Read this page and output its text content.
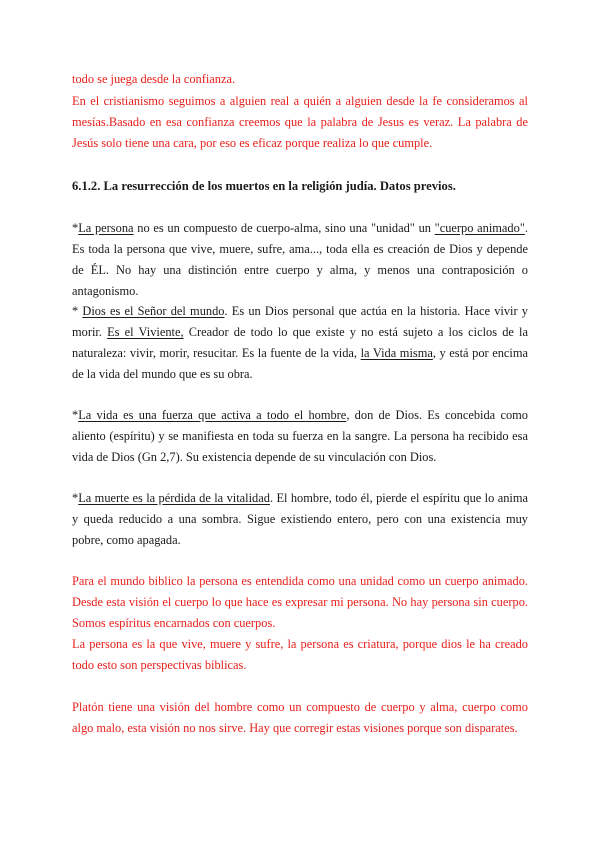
todo se juega desde la confianza.

En el cristianismo seguimos a alguien real a quién a alguien desde la fe consideramos al mesías.Basado en esa confianza creemos que la palabra de Jesus es veraz. La palabra de Jesús solo tiene una cara, por eso es eficaz porque realiza lo que cumple.

6.1.2. La resurrección de los muertos en la religión judía. Datos previos.

*La persona no es un compuesto de cuerpo-alma, sino una "unidad" un "cuerpo animado". Es toda la persona que vive, muere, sufre, ama..., toda ella es creación de Dios y depende de ÉL. No hay una distinción entre cuerpo y alma, y menos una contraposición o antagonismo.

* Dios es el Señor del mundo. Es un Dios personal que actúa en la historia. Hace vivir y morir. Es el Viviente, Creador de todo lo que existe y no está sujeto a los ciclos de la naturaleza: vivir, morir, resucitar. Es la fuente de la vida, la Vida misma, y está por encima de la vida del mundo que es su obra.

*La vida es una fuerza que activa a todo el hombre, don de Dios. Es concebida como aliento (espíritu) y se manifiesta en toda su fuerza en la sangre. La persona ha recibido esa vida de Dios (Gn 2,7). Su existencia depende de su vinculación con Dios.

*La muerte es la pérdida de la vitalidad. El hombre, todo él, pierde el espíritu que lo anima y queda reducido a una sombra. Sigue existiendo entero, pero con una existencia muy pobre, como apagada.

Para el mundo biblico la persona es entendida como una unidad como un cuerpo animado. Desde esta visión el cuerpo lo que hace es expresar mi persona. No hay persona sin cuerpo. Somos espíritus encarnados con cuerpos.

La persona es la que vive, muere y sufre, la persona es criatura, porque dios le ha creado todo esto son perspectivas biblicas.

Platón tiene una visión del hombre como un compuesto de cuerpo y alma, cuerpo como algo malo, esta visión no nos sirve. Hay que corregir estas visiones porque son disparates.
